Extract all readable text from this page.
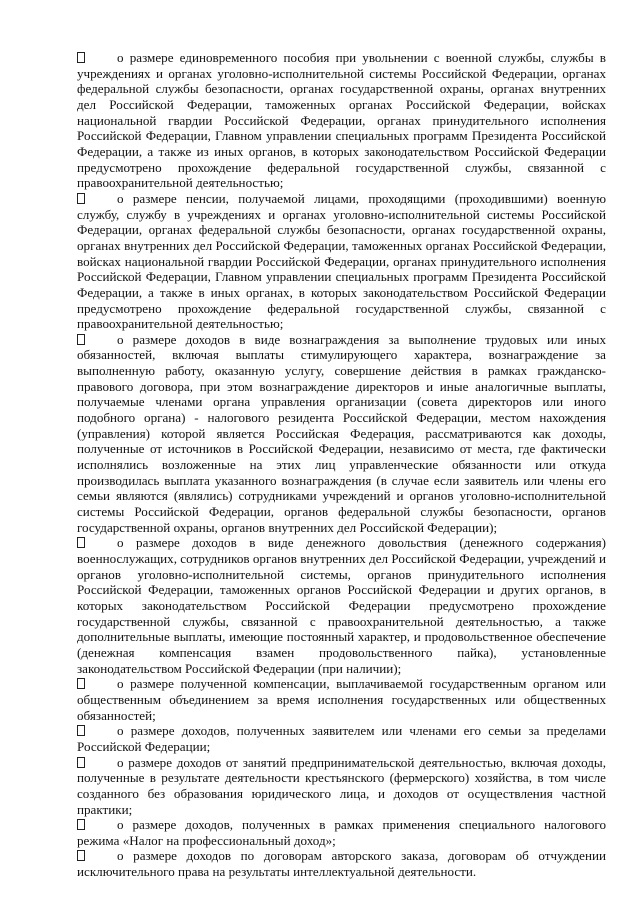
о размере единовременного пособия при увольнении с военной службы, службы в учреждениях и органах уголовно-исполнительной системы Российской Федерации, органах федеральной службы безопасности, органах государственной охраны, органах внутренних дел Российской Федерации, таможенных органах Российской Федерации, войсках национальной гвардии Российской Федерации, органах принудительного исполнения Российской Федерации, Главном управлении специальных программ Президента Российской Федерации, а также из иных органов, в которых законодательством Российской Федерации предусмотрено прохождение федеральной государственной службы, связанной с правоохранительной деятельностью;

о размере пенсии, получаемой лицами, проходящими (проходившими) военную службу, службу в учреждениях и органах уголовно-исполнительной системы Российской Федерации, органах федеральной службы безопасности, органах государственной охраны, органах внутренних дел Российской Федерации, таможенных органах Российской Федерации, войсках национальной гвардии Российской Федерации, органах принудительного исполнения Российской Федерации, Главном управлении специальных программ Президента Российской Федерации, а также в иных органах, в которых законодательством Российской Федерации предусмотрено прохождение федеральной государственной службы, связанной с правоохранительной деятельностью;

о размере доходов в виде вознаграждения за выполнение трудовых или иных обязанностей, включая выплаты стимулирующего характера, вознаграждение за выполненную работу, оказанную услугу, совершение действия в рамках гражданско-правового договора, при этом вознаграждение директоров и иные аналогичные выплаты, получаемые членами органа управления организации (совета директоров или иного подобного органа) - налогового резидента Российской Федерации, местом нахождения (управления) которой является Российская Федерация, рассматриваются как доходы, полученные от источников в Российской Федерации, независимо от места, где фактически исполнялись возложенные на этих лиц управленческие обязанности или откуда производилась выплата указанного вознаграждения (в случае если заявитель или члены его семьи являются (являлись) сотрудниками учреждений и органов уголовно-исполнительной системы Российской Федерации, органов федеральной службы безопасности, органов государственной охраны, органов внутренних дел Российской Федерации);

о размере доходов в виде денежного довольствия (денежного содержания) военнослужащих, сотрудников органов внутренних дел Российской Федерации, учреждений и органов уголовно-исполнительной системы, органов принудительного исполнения Российской Федерации, таможенных органов Российской Федерации и других органов, в которых законодательством Российской Федерации предусмотрено прохождение государственной службы, связанной с правоохранительной деятельностью, а также дополнительные выплаты, имеющие постоянный характер, и продовольственное обеспечение (денежная компенсация взамен продовольственного пайка), установленные законодательством Российской Федерации (при наличии);

о размере полученной компенсации, выплачиваемой государственным органом или общественным объединением за время исполнения государственных или общественных обязанностей;

о размере доходов, полученных заявителем или членами его семьи за пределами Российской Федерации;

о размере доходов от занятий предпринимательской деятельностью, включая доходы, полученные в результате деятельности крестьянского (фермерского) хозяйства, в том числе созданного без образования юридического лица, и доходов от осуществления частной практики;

о размере доходов, полученных в рамках применения специального налогового режима «Налог на профессиональный доход»;

о размере доходов по договорам авторского заказа, договорам об отчуждении исключительного права на результаты интеллектуальной деятельности.
